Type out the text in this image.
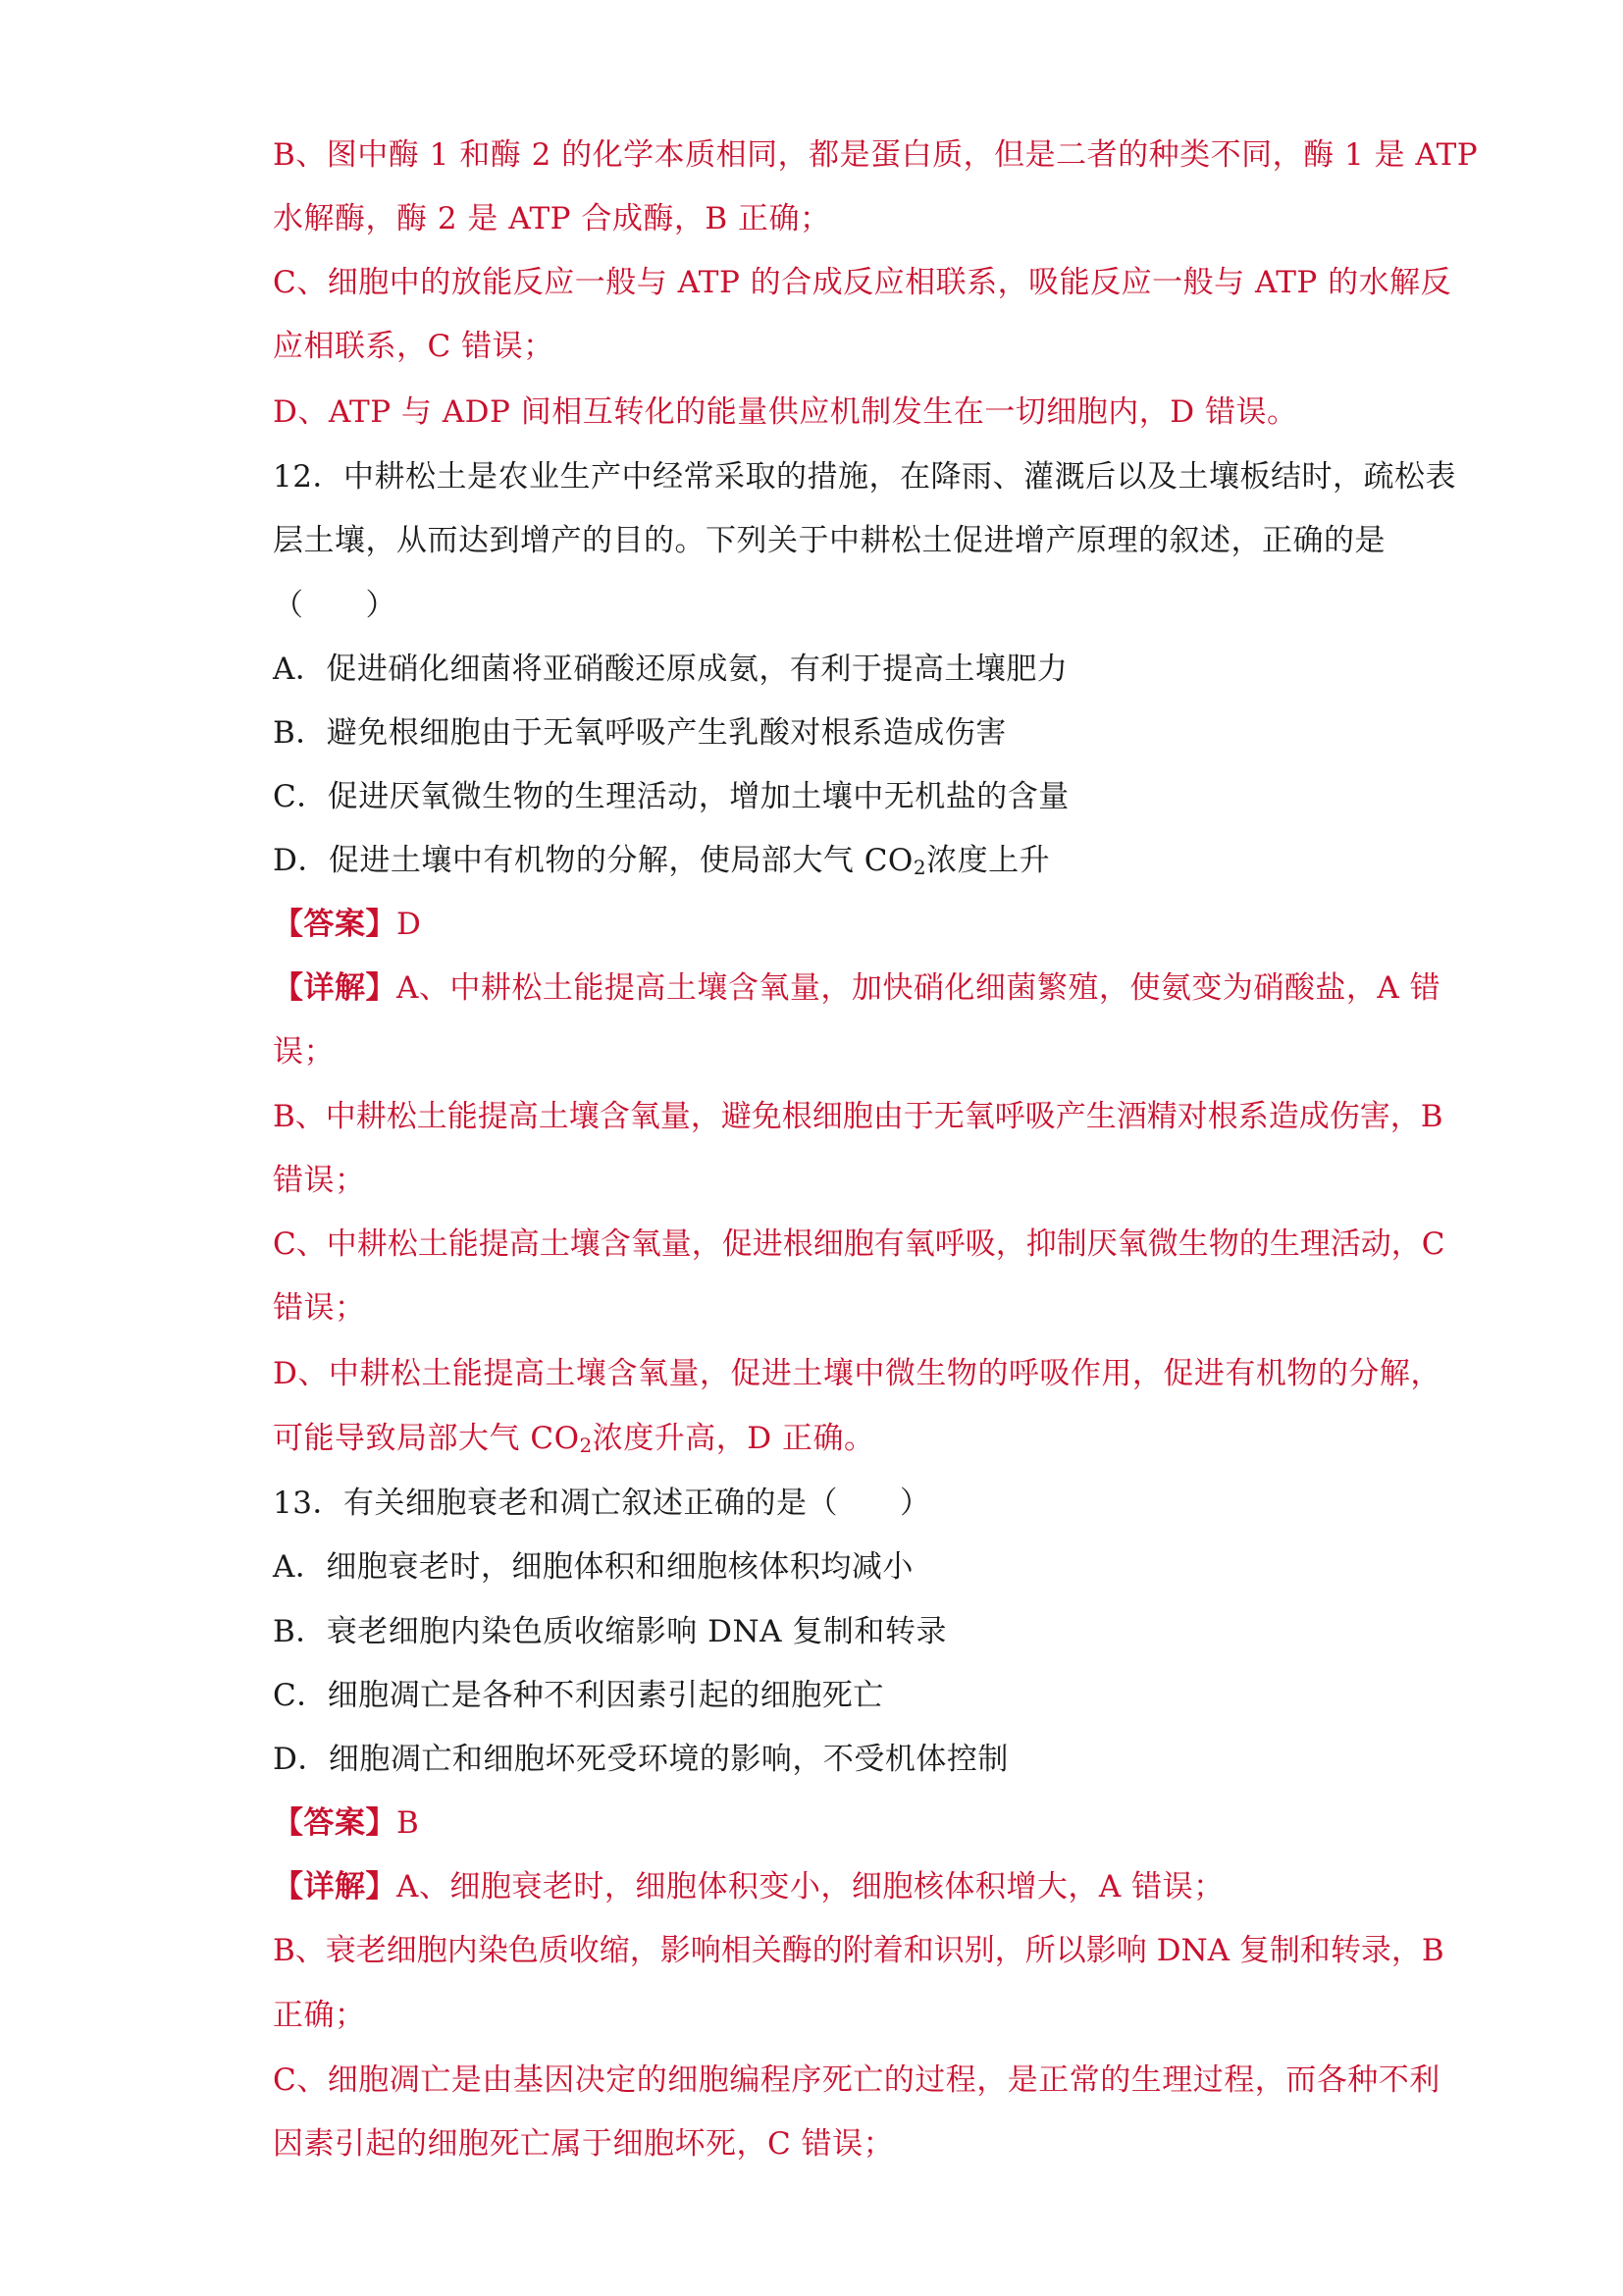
B、图中酶 1 和酶 2 的化学本质相同，都是蛋白质，但是二者的种类不同，酶 1 是 ATP
水解酶，酶 2 是 ATP 合成酶，B 正确；
C、细胞中的放能反应一般与 ATP 的合成反应相联系，吸能反应一般与 ATP 的水解反
应相联系，C 错误；
D、ATP 与 ADP 间相互转化的能量供应机制发生在一切细胞内，D 错误。
12．中耕松土是农业生产中经常采取的措施，在降雨、灌溉后以及土壤板结时，疏松表
层土壤，从而达到增产的目的。下列关于中耕松土促进增产原理的叙述，正确的是
（　　）
A．促进硝化细菌将亚硝酸还原成氨，有利于提高土壤肥力
B．避免根细胞由于无氧呼吸产生乳酸对根系造成伤害
C．促进厌氧微生物的生理活动，增加土壤中无机盐的含量
D．促进土壤中有机物的分解，使局部大气 $CO_2$浓度上升
【答案】D
【详解】A、中耕松土能提高土壤含氧量，加快硝化细菌繁殖，使氨变为硝酸盐，A 错
误；
B、中耕松土能提高土壤含氧量，避免根细胞由于无氧呼吸产生酒精对根系造成伤害，B
错误；
C、中耕松土能提高土壤含氧量，促进根细胞有氧呼吸，抑制厌氧微生物的生理活动，C
错误；
D、中耕松土能提高土壤含氧量，促进土壤中微生物的呼吸作用，促进有机物的分解，
可能导致局部大气 $CO_2$浓度升高，D 正确。
13．有关细胞衰老和凋亡叙述正确的是（　　）
A．细胞衰老时，细胞体积和细胞核体积均减小
B．衰老细胞内染色质收缩影响 DNA 复制和转录
C．细胞凋亡是各种不利因素引起的细胞死亡
D．细胞凋亡和细胞坏死受环境的影响，不受机体控制
【答案】B
【详解】A、细胞衰老时，细胞体积变小，细胞核体积增大，A 错误；
B、衰老细胞内染色质收缩，影响相关酶的附着和识别，所以影响 DNA 复制和转录，B
正确；
C、细胞凋亡是由基因决定的细胞编程序死亡的过程，是正常的生理过程，而各种不利
因素引起的细胞死亡属于细胞坏死，C 错误；
